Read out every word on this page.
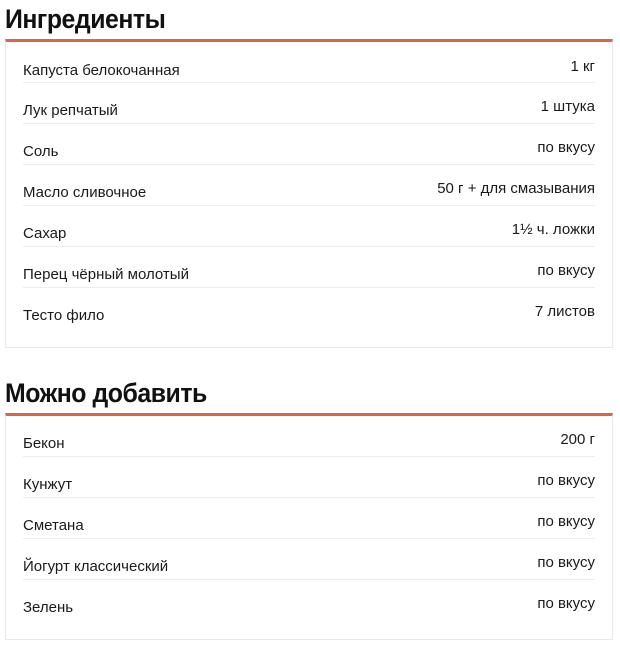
Ингредиенты
Капуста белокочанная	1 кг
Лук репчатый	1 штука
Соль	по вкусу
Масло сливочное	50 г + для смазывания
Сахар	1½ ч. ложки
Перец чёрный молотый	по вкусу
Тесто фило	7 листов
Можно добавить
Бекон	200 г
Кунжут	по вкусу
Сметана	по вкусу
Йогурт классический	по вкусу
Зелень	по вкусу
